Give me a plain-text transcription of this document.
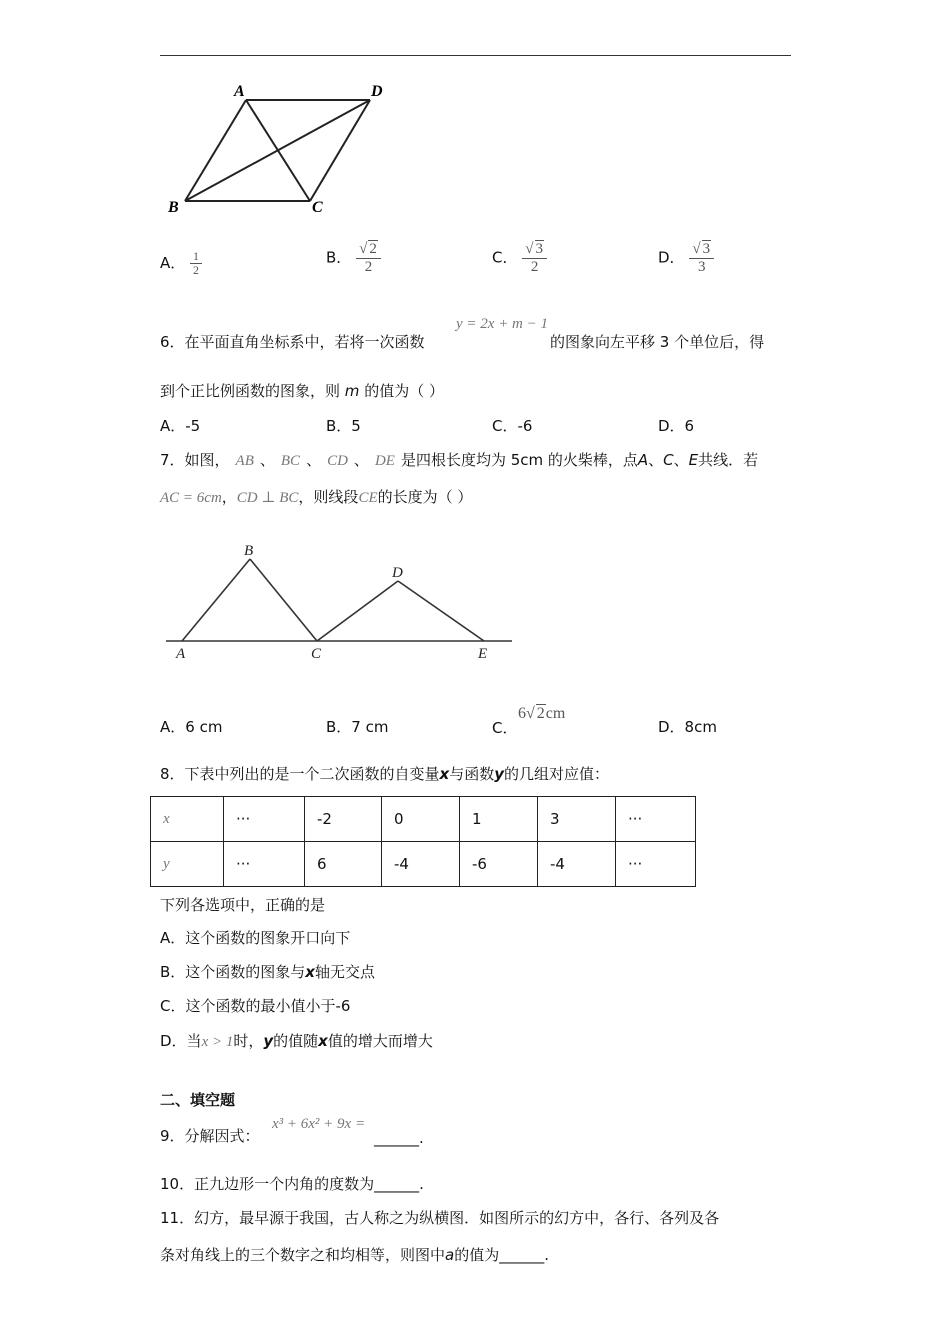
A	D
B	C
A． $\frac{1}{2}$	B． $\frac{√ 2}{2}$	C． $\frac{√ 3}{2}$	D． $\frac{√ 3}{3}$
6．在平面直角坐标系中，若将一次函数
y = 2x + m − 1
的图象向左平移 3 个单位后，得
到个正比例函数的图象，则 m 的值为（ ）
A．-5	B．5	C．-6	D．6
7．如图， AB 、 BC 、 CD 、 DE 是四根长度均为 5cm 的火柴棒，点A、C、E共线．若
AC = 6cm，CD ⊥ BC，则线段CE的长度为（ ）
B
D
A	C	E
A．6 cm	B．7 cm	C．
6√ 2cm
D．8cm
8．下表中列出的是一个二次函数的自变量x与函数y的几组对应值：
x	···	-2	0	1	3	···
y	···	6	-4	-6	-4	···
下列各选项中，正确的是
A．这个函数的图象开口向下
B．这个函数的图象与x轴无交点
C．这个函数的最小值小于-6
D．当x > 1时，y的值随x值的增大而增大
二、填空题
9．分解因式：
x³ + 6x² + 9x =
______.
10．正九边形一个内角的度数为______.
11．幻方，最早源于我国，古人称之为纵横图．如图所示的幻方中，各行、各列及各
条对角线上的三个数字之和均相等，则图中a的值为______.
